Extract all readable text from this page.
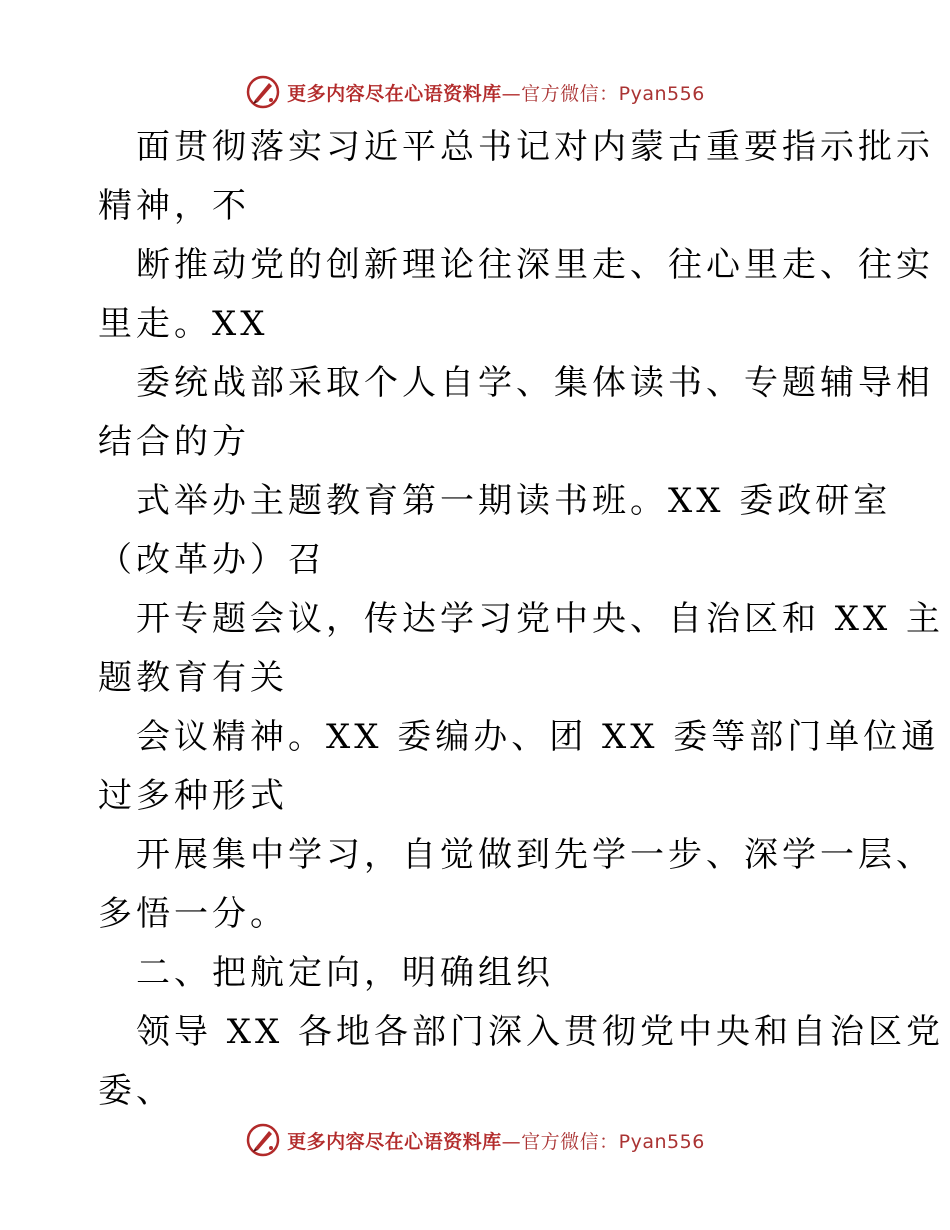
更多内容尽在心语资料库—官方微信：Pyan556
面贯彻落实习近平总书记对内蒙古重要指示批示
精神，不
断推动党的创新理论往深里走、往心里走、往实
里走。XX
委统战部采取个人自学、集体读书、专题辅导相
结合的方
式举办主题教育第一期读书班。XX 委政研室
（改革办）召
开专题会议，传达学习党中央、自治区和 XX 主
题教育有关
会议精神。XX 委编办、团 XX 委等部门单位通
过多种形式
开展集中学习，自觉做到先学一步、深学一层、
多悟一分。
二、把航定向，明确组织
领导 XX 各地各部门深入贯彻党中央和自治区党
委、
更多内容尽在心语资料库—官方微信：Pyan556
